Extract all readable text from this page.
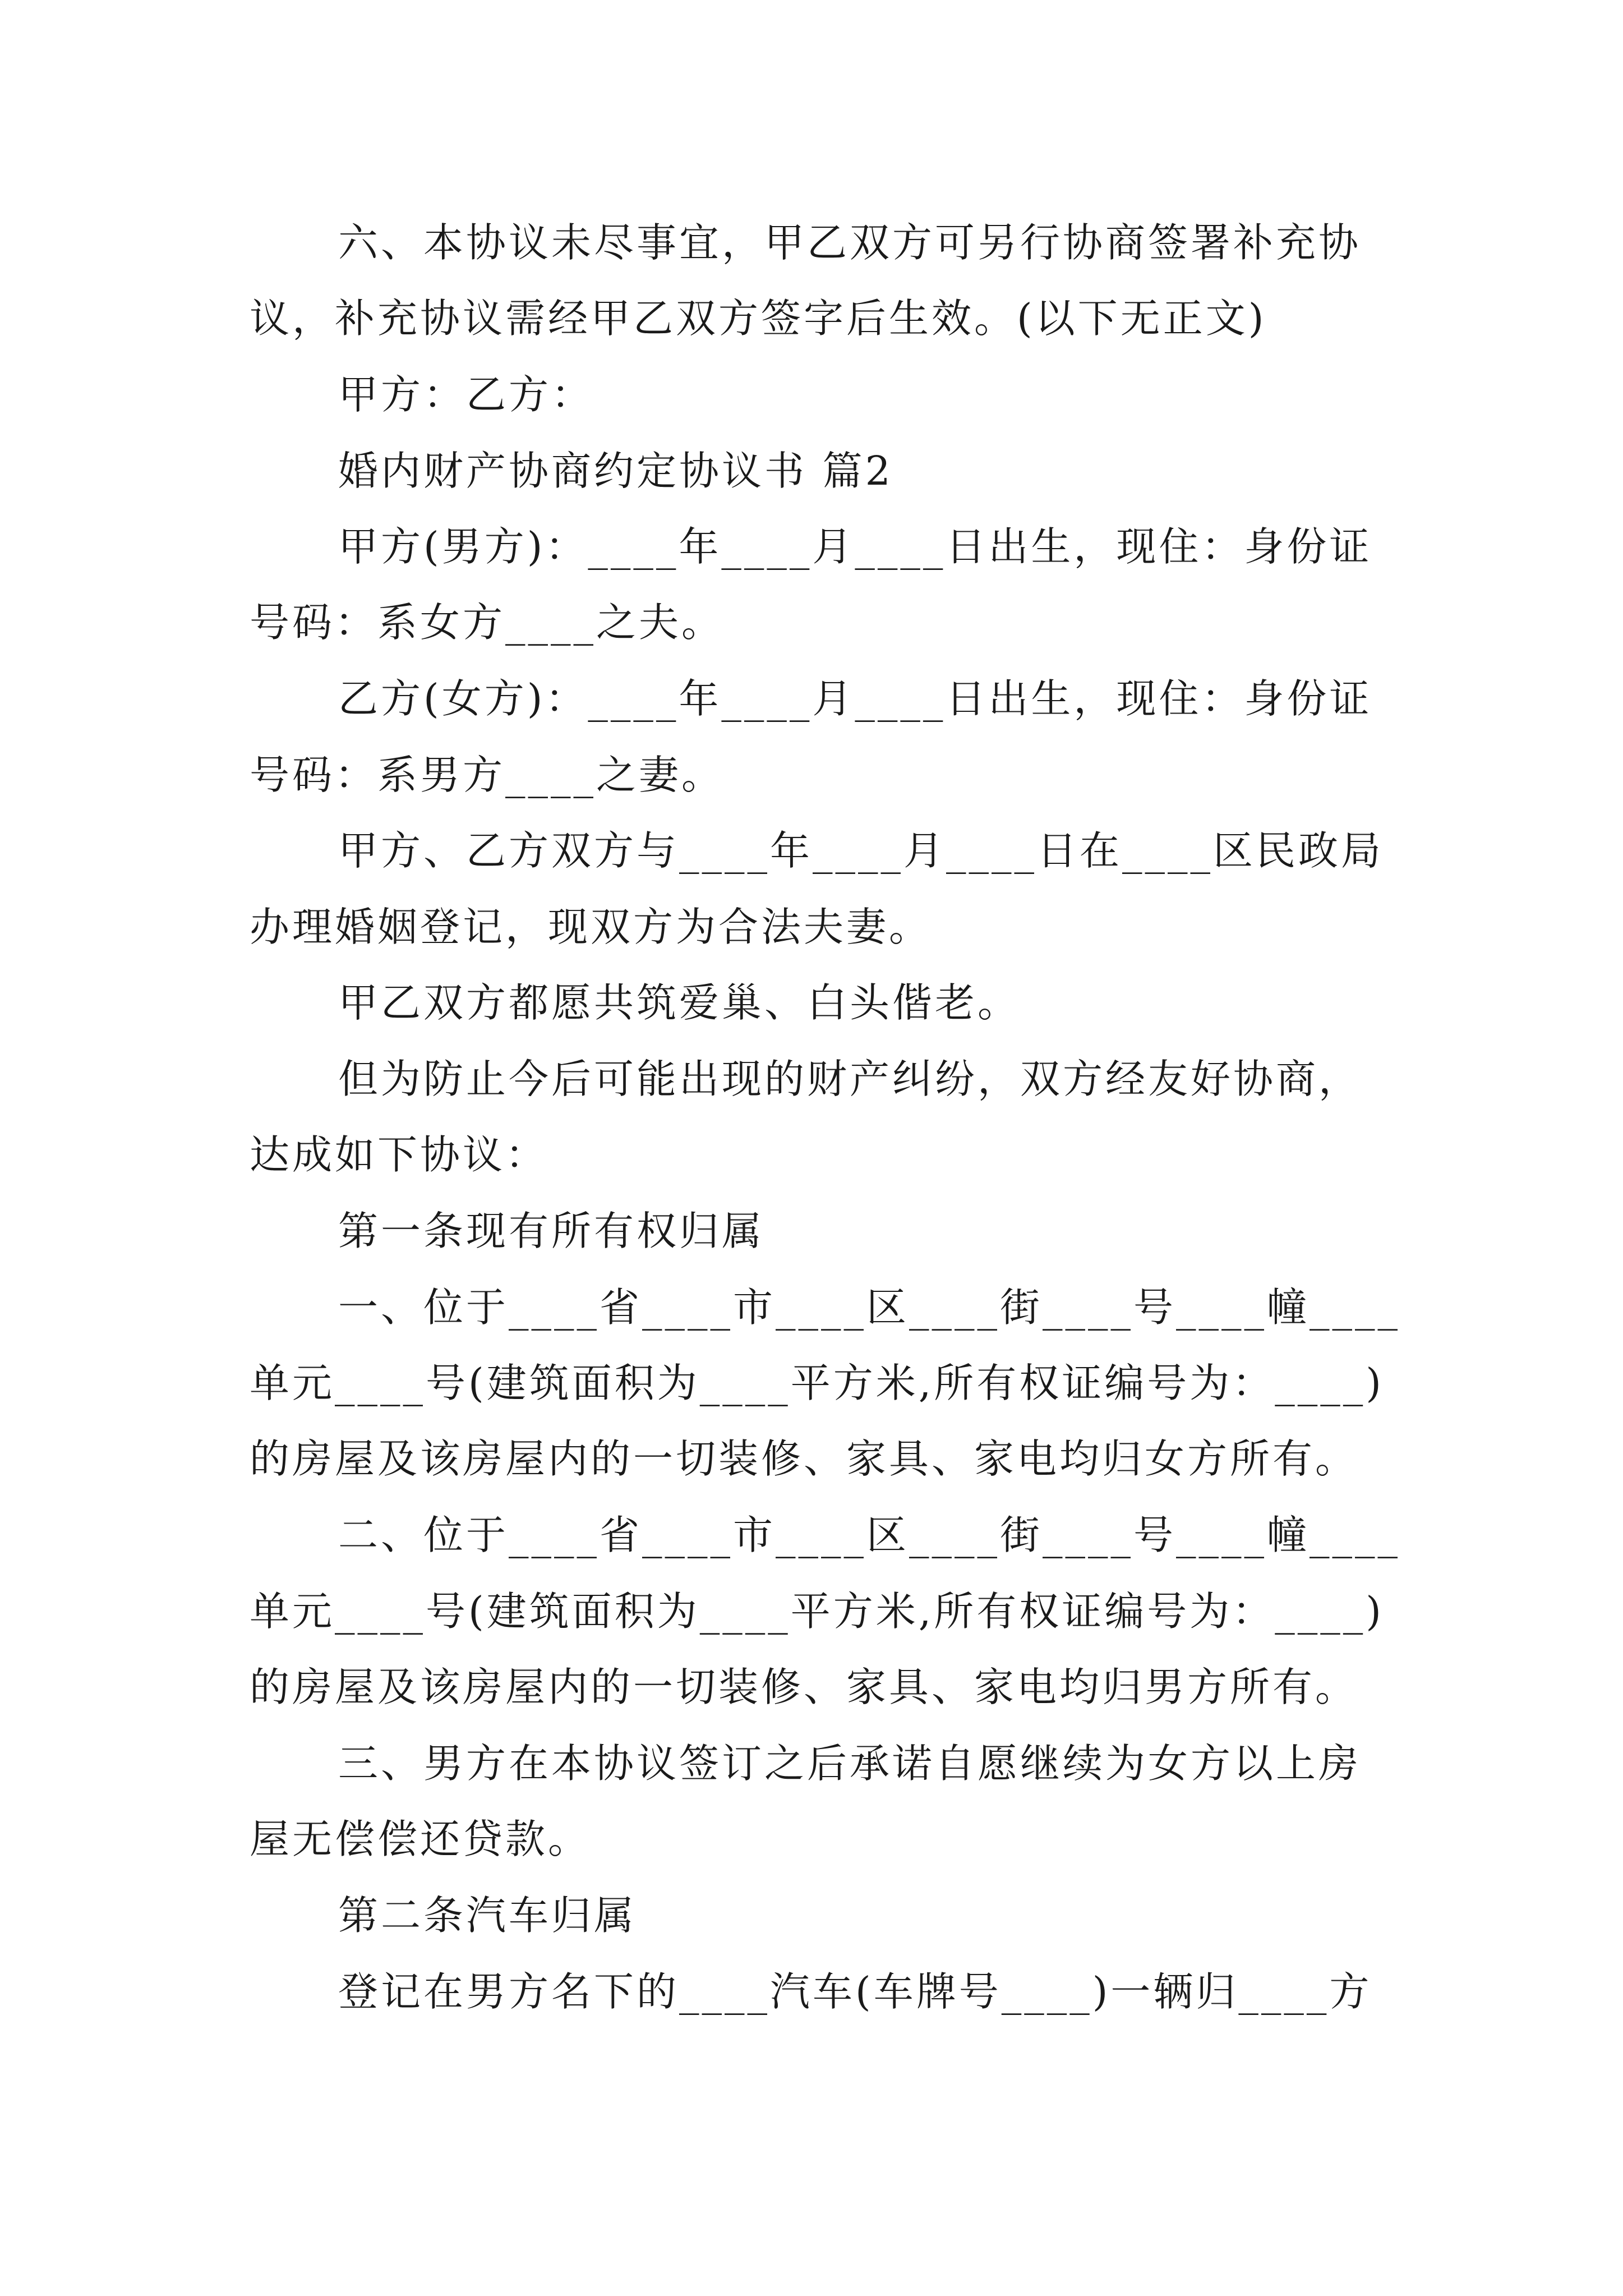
六、本协议未尽事宜，甲乙双方可另行协商签署补充协

议，补充协议需经甲乙双方签字后生效。(以下无正文)

甲方：乙方：

婚内财产协商约定协议书 篇2

甲方(男方)：____年____月____日出生，现住：身份证

号码：系女方____之夫。

乙方(女方)：____年____月____日出生，现住：身份证

号码：系男方____之妻。

甲方、乙方双方与____年____月____日在____区民政局

办理婚姻登记，现双方为合法夫妻。

甲乙双方都愿共筑爱巢、白头偕老。

但为防止今后可能出现的财产纠纷，双方经友好协商，

达成如下协议：

第一条现有所有权归属

一、位于____省____市____区____街____号____幢____

单元____号(建筑面积为____平方米,所有权证编号为：____)

的房屋及该房屋内的一切装修、家具、家电均归女方所有。

二、位于____省____市____区____街____号____幢____

单元____号(建筑面积为____平方米,所有权证编号为：____)

的房屋及该房屋内的一切装修、家具、家电均归男方所有。

三、男方在本协议签订之后承诺自愿继续为女方以上房

屋无偿偿还贷款。

第二条汽车归属

登记在男方名下的____汽车(车牌号____)一辆归____方
